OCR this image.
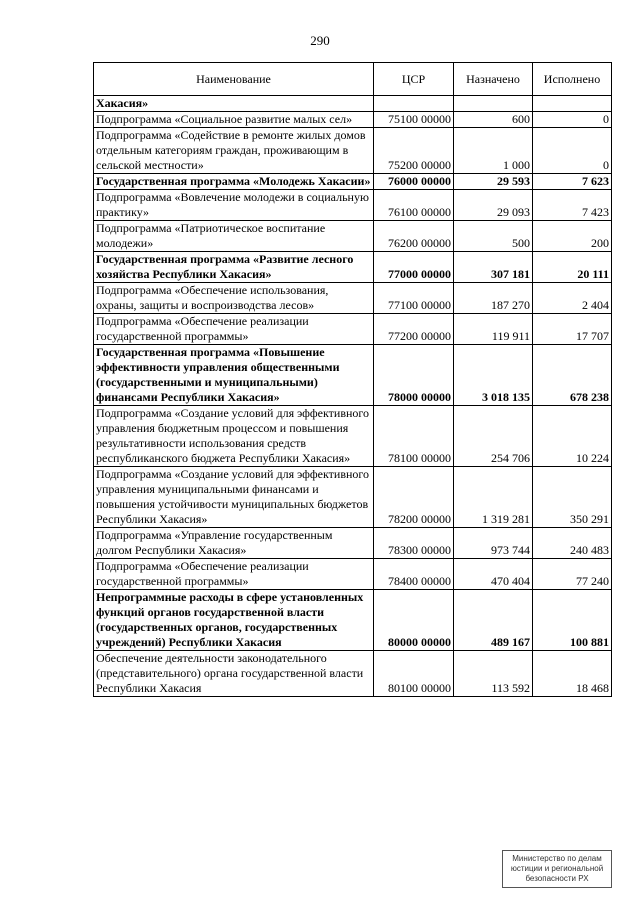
290
Наименование	ЦСР	Назначено	Исполнено
Хакасия»			
Подпрограмма «Социальное развитие малых сел»	75100 00000	600	0
Подпрограмма «Содействие в ремонте жилых домов отдельным категориям граждан, проживающим в сельской местности»	75200 00000	1 000	0
Государственная программа «Молодежь Хакасии»	76000 00000	29 593	7 623
Подпрограмма «Вовлечение молодежи в социальную практику»	76100 00000	29 093	7 423
Подпрограмма «Патриотическое воспитание молодежи»	76200 00000	500	200
Государственная программа «Развитие лесного хозяйства Республики Хакасия»	77000 00000	307 181	20 111
Подпрограмма «Обеспечение использования, охраны, защиты и воспроизводства лесов»	77100 00000	187 270	2 404
Подпрограмма «Обеспечение реализации государственной программы»	77200 00000	119 911	17 707
Государственная программа «Повышение эффективности управления общественными (государственными и муниципальными) финансами Республики Хакасия»	78000 00000	3 018 135	678 238
Подпрограмма «Создание условий для эффективного управления бюджетным процессом и повышения результативности использования средств республиканского бюджета Республики Хакасия»	78100 00000	254 706	10 224
Подпрограмма «Создание условий для эффективного управления муниципальными финансами и повышения устойчивости муниципальных бюджетов Республики Хакасия»	78200 00000	1 319 281	350 291
Подпрограмма «Управление государственным долгом Республики Хакасия»	78300 00000	973 744	240 483
Подпрограмма «Обеспечение реализации государственной программы»	78400 00000	470 404	77 240
Непрограммные расходы в сфере установленных функций органов государственной власти (государственных органов, государственных учреждений) Республики Хакасия	80000 00000	489 167	100 881
Обеспечение деятельности законодательного (представительного) органа государственной власти Республики Хакасия	80100 00000	113 592	18 468
Министерство по делам юстиции и региональной безопасности РХ
